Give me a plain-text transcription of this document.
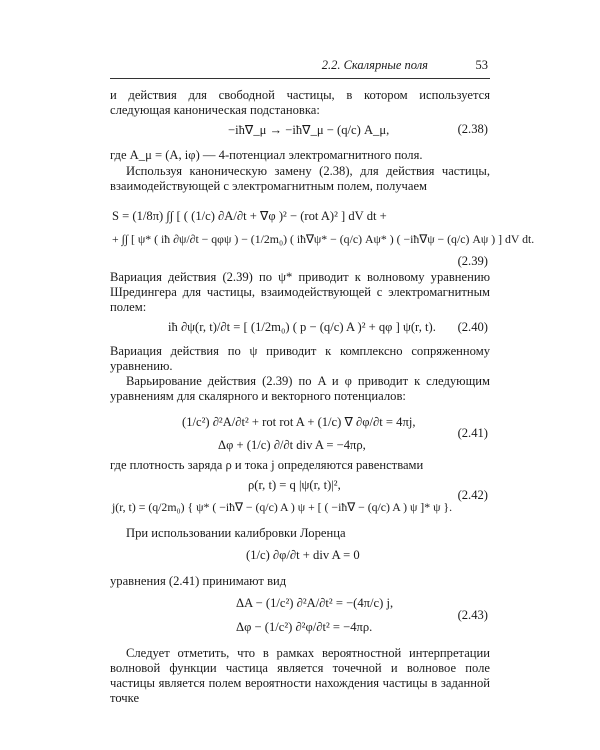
2.2. Скалярные поля	53
и действия для свободной частицы, в котором используется следующая каноническая подстановка:
−iħ∇_μ → −iħ∇_μ − (q/c) A_μ,	(2.38)
где A_μ = (A, iφ) — 4-потенциал электромагнитного поля.
Используя каноническую замену (2.38), для действия частицы, взаимодействующей с электромагнитным полем, получаем
S = (1/8π) ∫∫ [ ( (1/c) ∂A/∂t + ∇φ )² − (rot A)² ] dV dt +
+ ∫∫ [ ψ* ( iħ ∂ψ/∂t − qφψ ) − (1/2m₀) ( iħ∇ψ* − (q/c) Aψ* ) ( −iħ∇ψ − (q/c) Aψ ) ] dV dt.
(2.39)
Вариация действия (2.39) по ψ* приводит к волновому уравнению Шредингера для частицы, взаимодействующей с электромагнитным полем:
iħ ∂ψ(r, t)/∂t = [ (1/2m₀) ( p − (q/c) A )² + qφ ] ψ(r, t). (2.40)
Вариация действия по ψ приводит к комплексно сопряженному уравнению.
Варьирование действия (2.39) по A и φ приводит к следующим уравнениям для скалярного и векторного потенциалов:
(1/c²) ∂²A/∂t² + rot rot A + (1/c) ∇ ∂φ/∂t = 4πj,
Δφ + (1/c) ∂/∂t div A = −4πρ,
(2.41)
где плотность заряда ρ и тока j определяются равенствами
ρ(r, t) = q |ψ(r, t)|²,
j(r, t) = (q/2m₀) { ψ* ( −iħ∇ − (q/c) A ) ψ + [ ( −iħ∇ − (q/c) A ) ψ ]* ψ }.
(2.42)
При использовании калибровки Лоренца
(1/c) ∂φ/∂t + div A = 0
уравнения (2.41) принимают вид
ΔA − (1/c²) ∂²A/∂t² = −(4π/c) j,
Δφ − (1/c²) ∂²φ/∂t² = −4πρ.
(2.43)
Следует отметить, что в рамках вероятностной интерпретации волновой функции частица является точечной и волновое поле частицы является полем вероятности нахождения частицы в заданной точке
